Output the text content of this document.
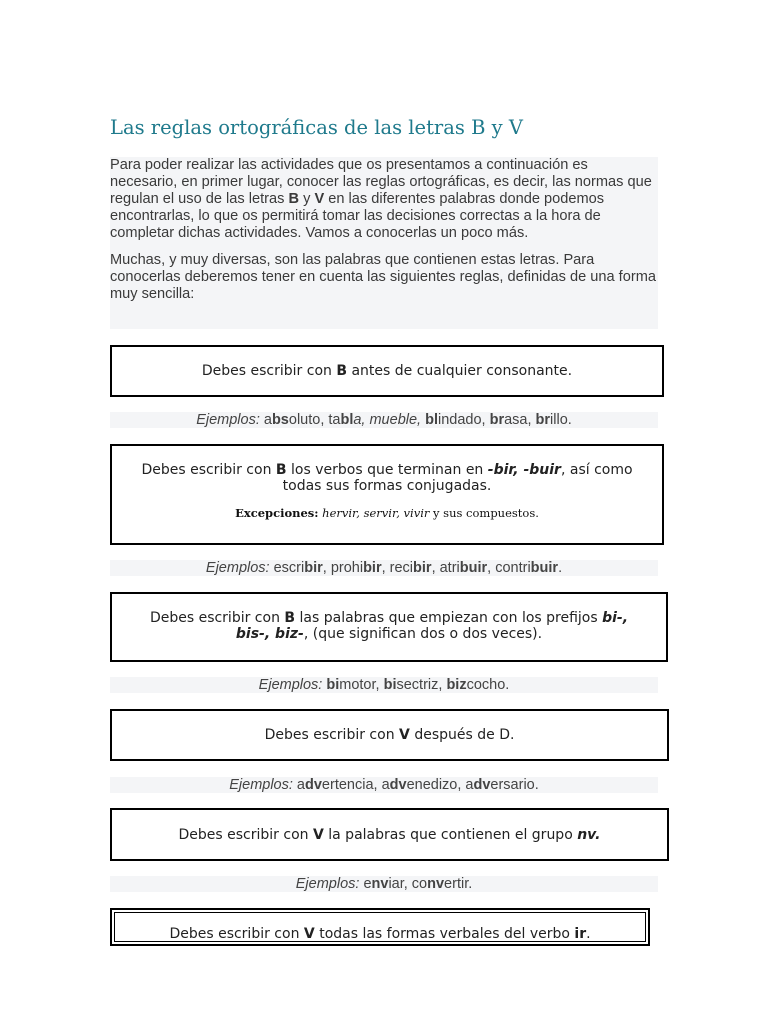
Las reglas ortográficas de las letras B y V

Para poder realizar las actividades que os presentamos a continuación es necesario, en primer lugar, conocer las reglas ortográficas, es decir, las normas que regulan el uso de las letras B y V en las diferentes palabras donde podemos encontrarlas, lo que os permitirá tomar las decisiones correctas a la hora de completar dichas actividades. Vamos a conocerlas un poco más.

Muchas, y muy diversas, son las palabras que contienen estas letras. Para conocerlas deberemos tener en cuenta las siguientes reglas, definidas de una forma muy sencilla:

Debes escribir con B antes de cualquier consonante.
Ejemplos: absoluto, tabla, mueble, blindado, brasa, brillo.
Debes escribir con B los verbos que terminan en -bir, -buir, así como
todas sus formas conjugadas.
Excepciones: hervir, servir, vivir y sus compuestos.
Ejemplos: escribir, prohibir, recibir, atribuir, contribuir.
Debes escribir con B las palabras que empiezan con los prefijos bi-,
bis-, biz-, (que significan dos o dos veces).
Ejemplos: bimotor, bisectriz, bizcocho.
Debes escribir con V después de D.
Ejemplos: advertencia, advenedizo, adversario.
Debes escribir con V la palabras que contienen el grupo nv.
Ejemplos: enviar, convertir.
Debes escribir con V todas las formas verbales del verbo ir.
